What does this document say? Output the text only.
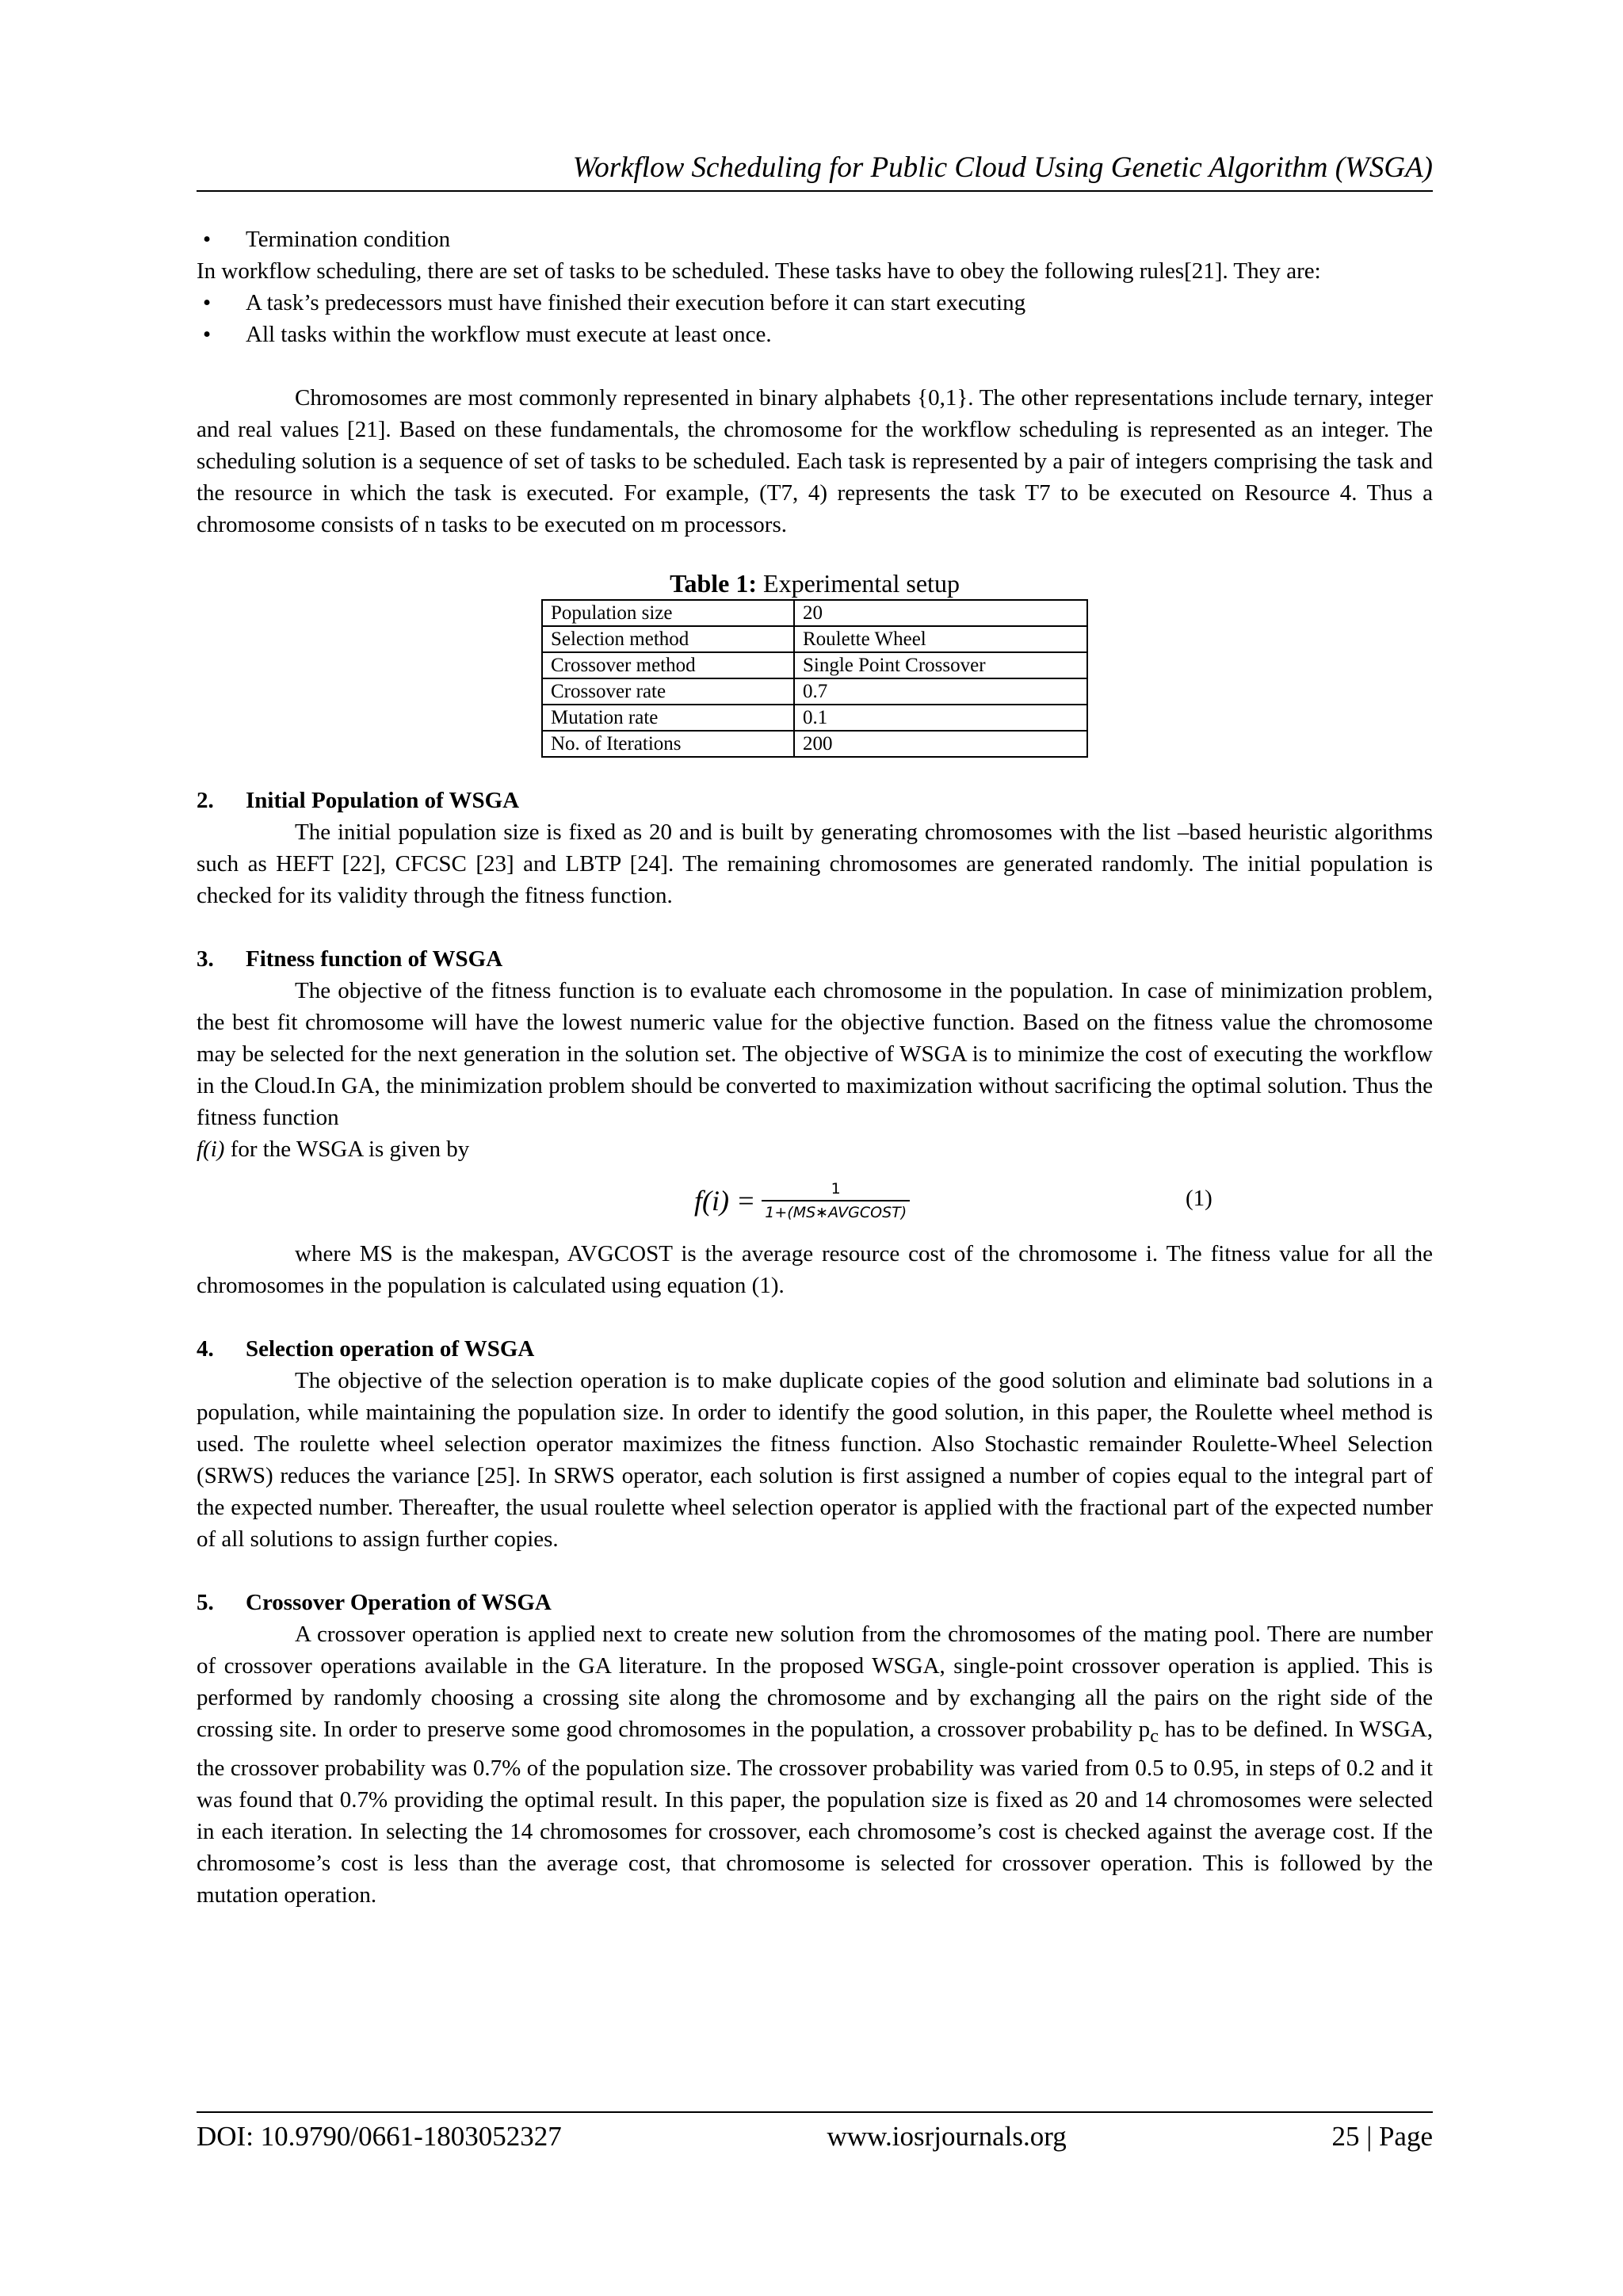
Workflow Scheduling for Public Cloud Using Genetic Algorithm (WSGA)
• Termination condition

In workflow scheduling, there are set of tasks to be scheduled. These tasks have to obey the following rules[21]. They are:

• A task’s predecessors must have finished their execution before it can start executing
• All tasks within the workflow must execute at least once.

Chromosomes are most commonly represented in binary alphabets {0,1}. The other representations include ternary, integer and real values [21]. Based on these fundamentals, the chromosome for the workflow scheduling is represented as an integer. The scheduling solution is a sequence of set of tasks to be scheduled. Each task is represented by a pair of integers comprising the task and the resource in which the task is executed. For example, (T7, 4) represents the task T7 to be executed on Resource 4. Thus a chromosome consists of n tasks to be executed on m processors.

Table 1: Experimental setup
Population size	20
Selection method	Roulette Wheel
Crossover method	Single Point Crossover
Crossover rate	0.7
Mutation rate	0.1
No. of Iterations	200
2.	Initial Population of WSGA

The initial population size is fixed as 20 and is built by generating chromosomes with the list –based heuristic algorithms such as HEFT [22], CFCSC [23] and LBTP [24]. The remaining chromosomes are generated randomly. The initial population is checked for its validity through the fitness function.

3.	Fitness function of WSGA

The objective of the fitness function is to evaluate each chromosome in the population. In case of minimization problem, the best fit chromosome will have the lowest numeric value for the objective function. Based on the fitness value the chromosome may be selected for the next generation in the solution set. The objective of WSGA is to minimize the cost of executing the workflow in the Cloud.In GA, the minimization problem should be converted to maximization without sacrificing the optimal solution. Thus the fitness function
f(i) for the WSGA is given by

$f(i) = \frac{1}{\text{1+(MS∗AVGCOST)}}$	(1)

where MS is the makespan, AVGCOST is the average resource cost of the chromosome i. The fitness value for all the chromosomes in the population is calculated using equation (1).

4.	Selection operation of WSGA

The objective of the selection operation is to make duplicate copies of the good solution and eliminate bad solutions in a population, while maintaining the population size. In order to identify the good solution, in this paper, the Roulette wheel method is used. The roulette wheel selection operator maximizes the fitness function. Also Stochastic remainder Roulette-Wheel Selection (SRWS) reduces the variance [25]. In SRWS operator, each solution is first assigned a number of copies equal to the integral part of the expected number. Thereafter, the usual roulette wheel selection operator is applied with the fractional part of the expected number of all solutions to assign further copies.

5.	Crossover Operation of WSGA

A crossover operation is applied next to create new solution from the chromosomes of the mating pool. There are number of crossover operations available in the GA literature. In the proposed WSGA, single-point crossover operation is applied. This is performed by randomly choosing a crossing site along the chromosome and by exchanging all the pairs on the right side of the crossing site. In order to preserve some good chromosomes in the population, a crossover probability $p_c$ has to be defined. In WSGA, the crossover probability was 0.7% of the population size. The crossover probability was varied from 0.5 to 0.95, in steps of 0.2 and it was found that 0.7% providing the optimal result. In this paper, the population size is fixed as 20 and 14 chromosomes were selected in each iteration. In selecting the 14 chromosomes for crossover, each chromosome’s cost is checked against the average cost. If the chromosome’s cost is less than the average cost, that chromosome is selected for crossover operation. This is followed by the mutation operation.

DOI: 10.9790/0661-1803052327	www.iosrjournals.org	25 | Page
